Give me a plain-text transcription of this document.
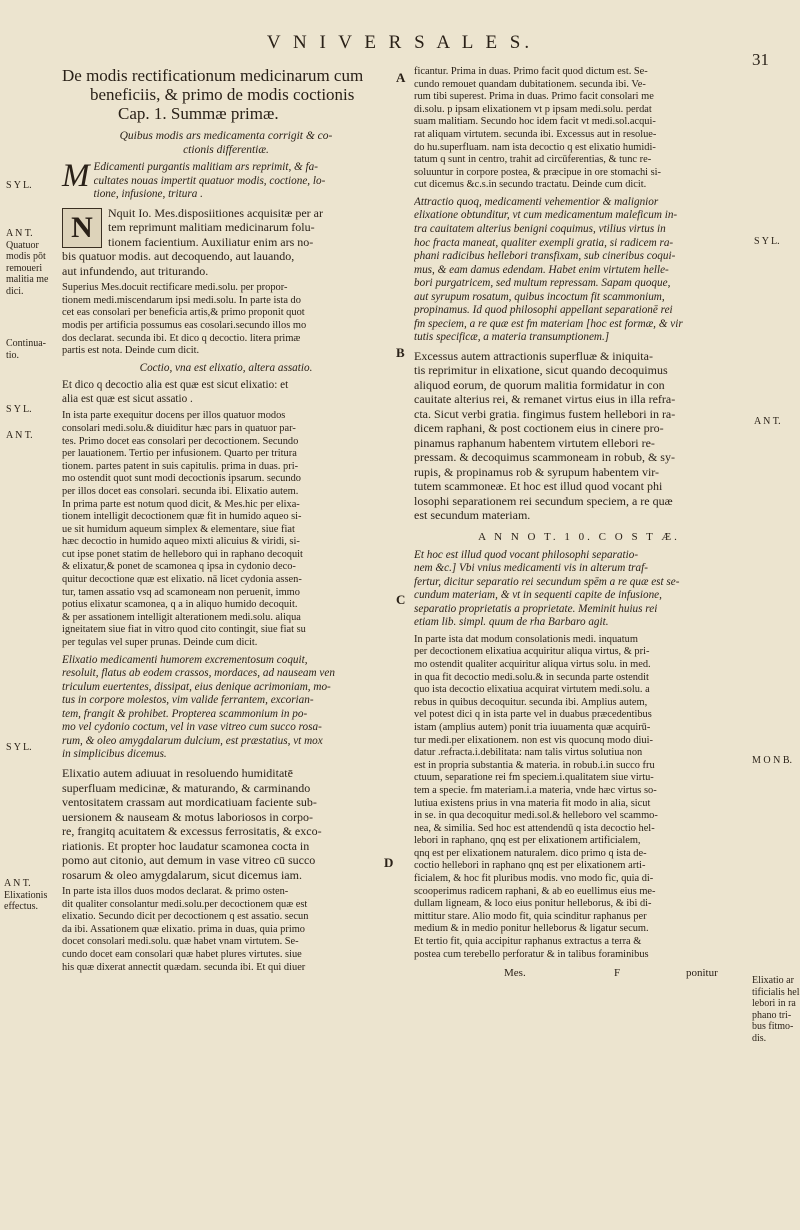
V N I V E R S A L E S.
31
De modis rectificationum medicinarum cum
beneficiis, & primo de modis coctionis
Cap. 1. Summæ primæ.
Quibus modis ars medicamenta corrigit & co-
ctionis differentiæ.
M Edicamenti purgantis malitiam ars reprimit, & fa-
cultates nouas impertit quatuor modis, coctione, lo-
tione, infusione, tritura .
N	Nquit Io. Mes.disposiitiones acquisitæ per ar
tem reprimunt malitiam medicinarum folu-
tionem facientium. Auxiliatur enim ars no-
bis quatuor modis. aut decoquendo, aut lauando,
aut infundendo, aut triturando.
Superius Mes.docuit rectificare medi.solu. per propor-
tionem medi.miscendarum ipsi medi.solu. In parte ista do
cet eas consolari per beneficia artis,& primo proponit quot
modis per artificia possumus eas cosolari.secundo illos mo
dos declarat. secunda ibi. Et dico q decoctio. litera primæ
partis est nota. Deinde cum dicit.
Coctio, vna est elixatio, altera assatio.
Et dico q decoctio alia est quæ est sicut elixatio: et
alia est quæ est sicut assatio .
In ista parte exequitur docens per illos quatuor modos
consolari medi.solu.& diuiditur hæc pars in quatuor par-
tes. Primo docet eas consolari per decoctionem. Secundo
per lauationem. Tertio per infusionem. Quarto per tritura
tionem. partes patent in suis capitulis. prima in duas. pri-
mo ostendit quot sunt modi decoctionis ipsarum. secundo
per illos docet eas consolari. secunda ibi. Elixatio autem.
In prima parte est notum quod dicit, & Mes.hic per elixa-
tionem intelligit decoctionem quæ fit in humido aqueo si-
ue sit humidum aqueum simplex & elementare, siue fiat
hæc decoctio in humido aqueo mixti alicuius & viridi, si-
cut ipse ponet statim de helleboro qui in raphano decoquit
& elixatur,& ponet de scamonea q ipsa in cydonio deco-
quitur decoctione quæ est elixatio. nā licet cydonia assen-
tur, tamen assatio vsq ad scamoneam non peruenit, immo
potius elixatur scamonea, q a in aliquo humido decoquit.
& per assationem intelligit alterationem medi.solu. aliqua
igneitatem siue fiat in vitro quod cito contingit, siue fiat su
per tegulas vel super prunas. Deinde cum dicit.
Elixatio medicamenti humorem excrementosum coquit,
resoluit, flatus ab eodem crassos, mordaces, ad nauseam ven
triculum euertentes, dissipat, eius denique acrimoniam, mo-
tus in corpore molestos, vim valide ferrantem, excorian-
tem, frangit & prohibet. Propterea scammonium in po-
mo vel cydonio coctum, vel in vase vitreo cum succo rosa-
rum, & oleo amygdalarum dulcium, est præstatius, vt mox
in simplicibus dicemus.
Elixatio autem adiuuat in resoluendo humiditatē
superfluam medicinæ, & maturando, & carminando
ventositatem crassam aut mordicatiuam faciente sub-
uersionem & nauseam & motus laboriosos in corpo-
re, frangitq acuitatem & excessus ferrositatis, & exco-
riationis. Et propter hoc laudatur scamonea cocta in
pomo aut citonio, aut demum in vase vitreo cū succo
rosarum & oleo amygdalarum, sicut dicemus iam.
In parte ista illos duos modos declarat. & primo osten-
dit qualiter consolantur medi.solu.per decoctionem quæ est
elixatio. Secundo dicit per decoctionem q est assatio. secun
da ibi. Assationem quæ elixatio. prima in duas, quia primo
docet consolari medi.solu. quæ habet vnam virtutem. Se-
cundo docet eam consolari quæ habet plures virtutes. siue
his quæ dixerat annectit quædam. secunda ibi. Et qui diuer
ficantur. Prima in duas. Primo facit quod dictum est. Se-
cundo remouet quandam dubitationem. secunda ibi. Ve-
rum tibi superest. Prima in duas. Primo facit consolari me
di.solu. p ipsam elixationem vt p ipsam medi.solu. perdat
suam malitiam. Secundo hoc idem facit vt medi.sol.acqui-
rat aliquam virtutem. secunda ibi. Excessus aut in resolue-
do hu.superfluam. nam ista decoctio q est elixatio humidi-
tatum q sunt in centro, trahit ad circūferentias, & tunc re-
soluuntur in corpore postea, & præcipue in ore stomachi si-
cut dicemus &c.s.in secundo tractatu. Deinde cum dicit.
Attractio quoq, medicamenti vehementior & malignior
elixatione obtunditur, vt cum medicamentum maleficum in-
tra cauitatem alterius benigni coquimus, vtilius virtus in
hoc fracta maneat, qualiter exempli gratia, si radicem ra-
phani radicibus hellebori transfixam, sub cineribus coqui-
mus, & eam damus edendam. Habet enim virtutem helle-
bori purgatricem, sed multum repressam. Sapam quoque,
aut syrupum rosatum, quibus incoctum fit scammonium,
propinamus. Id quod philosophi appellant separationē rei
fm speciem, a re quæ est fm materiam [hoc est formæ, & vir
tutis specificæ, a materia transumptionem.]
Excessus autem attractionis superfluæ & iniquita-
tis reprimitur in elixatione, sicut quando decoquimus
aliquod eorum, de quorum malitia formidatur in con
cauitate alterius rei, & remanet virtus eius in illa refra-
cta. Sicut verbi gratia. fingimus fustem hellebori in ra-
dicem raphani, & post coctionem eius in cinere pro-
pinamus raphanum habentem virtutem ellebori re-
pressam. & decoquimus scammoneam in robub, & sy-
rupis, & propinamus rob & syrupum habentem vir-
tutem scammoneæ. Et hoc est illud quod vocant phi
losophi separationem rei secundum speciem, a re quæ
est secundum materiam.
A N N O T. 1 0. C O S T Æ.
Et hoc est illud quod vocant philosophi separatio-
nem &c.] Vbi vnius medicamenti vis in alterum traf-
fertur, dicitur separatio rei secundum spēm a re quæ est se-
cundum materiam, & vt in sequenti capite de infusione,
separatio proprietatis a proprietate. Meminit huius rei
etiam lib. simpl. quum de rha Barbaro agit.
In parte ista dat modum consolationis medi. inquatum
per decoctionem elixatiua acquiritur aliqua virtus, & pri-
mo ostendit qualiter acquiritur aliqua virtus solu. in med.
in qua fit decoctio medi.solu.& in secunda parte ostendit
quo ista decoctio elixatiua acquirat virtutem medi.solu. a
rebus in quibus decoquitur. secunda ibi. Amplius autem,
vel potest dici q in ista parte vel in duabus præcedentibus
istam (amplius autem) ponit tria iuuamenta quæ acquirū-
tur medi.per elixationem. non est vis quocunq modo diui-
datur .refracta.i.debilitata: nam talis virtus solutiua non
est in propria substantia & materia. in robub.i.in succo fru
ctuum, separatione rei fm speciem.i.qualitatem siue virtu-
tem a specie. fm materiam.i.a materia, vnde hæc virtus so-
lutiua existens prius in vna materia fit modo in alia, sicut
in se. in qua decoquitur medi.sol.& helleboro vel scammo-
nea, & similia. Sed hoc est attendendū q ista decoctio hel-
lebori in raphano, qnq est per elixationem artificialem,
qnq est per elixationem naturalem. dico primo q ista de-
coctio hellebori in raphano qnq est per elixationem arti-
ficialem, & hoc fit pluribus modis. vno modo fic, quia di-
scooperimus radicem raphani, & ab eo euellimus eius me-
dullam ligneam, & loco eius ponitur helleborus, & ibi di-
mittitur stare. Alio modo fit, quia scinditur raphanus per
medium & in medio ponitur helleborus & ligatur secum.
Et tertio fit, quia accipitur raphanus extractus a terra &
postea cum terebello perforatur & in talibus foraminibus
Mes.	F	ponitur
S Y L.
A N T.
Quatuor
modis pōt
remoueri
malitia me
dici.
Continua-
tio.
S Y L.
A N T.
S Y L.
A N T.
Elixationis
effectus.
S Y L.
A N T.
M O N B.
Elixatio ar
tificialis hel
lebori in ra
phano tri-
bus fitmo-
dis.
A
B
C
D
